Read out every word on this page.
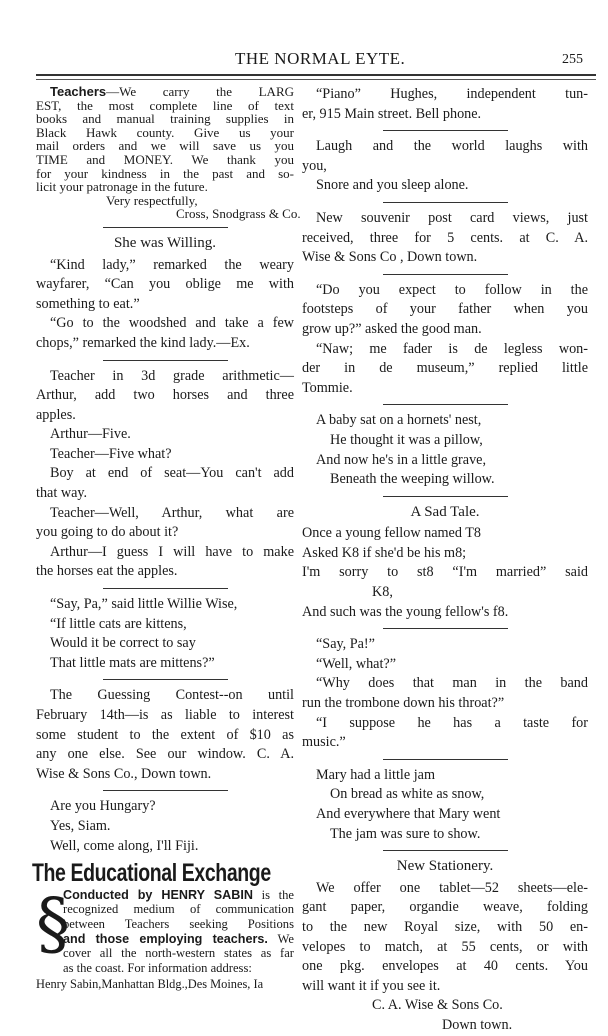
THE NORMAL EYTE.	255
Teachers—We carry the LARG
EST, the most complete line of text
books and manual training supplies in
Black Hawk county. Give us your
mail orders and we will save us you
TIME and MONEY. We thank you
for your kindness in the past and so-
licit your patronage in the future.
Very respectfully,
Cross, Snodgrass & Co.
She was Willing.
“Kind lady,” remarked the weary
wayfarer, “Can you oblige me with
something to eat.”
“Go to the woodshed and take a few
chops,” remarked the kind lady.—Ex.
Teacher in 3d grade arithmetic—
Arthur, add two horses and three
apples.
Arthur—Five.
Teacher—Five what?
Boy at end of seat—You can't add
that way.
Teacher—Well, Arthur, what are
you going to do about it?
Arthur—I guess I will have to make
the horses eat the apples.
“Say, Pa,” said little Willie Wise,
“If little cats are kittens,
Would it be correct to say
That little mats are mittens?”
The Guessing Contest--on until
February 14th—is as liable to interest
some student to the extent of $10 as
any one else. See our window. C. A.
Wise & Sons Co., Down town.
Are you Hungary?
Yes, Siam.
Well, come along, I'll Fiji.
The Educational Exchange
§
Conducted by HENRY SABIN is the
recognized medium of communication
between Teachers seeking Positions
and those employing teachers. We
cover all the north-western states as far
as the coast. For information address:
Henry Sabin,Manhattan Bldg.,Des Moines, Ia
“Piano” Hughes, independent tun-
er, 915 Main street. Bell phone.
Laugh and the world laughs with
you,
Snore and you sleep alone.
New souvenir post card views, just
received, three for 5 cents. at C. A.
Wise & Sons Co , Down town.
“Do you expect to follow in the
footsteps of your father when you
grow up?” asked the good man.
“Naw; me fader is de legless won-
der in de museum,” replied little
Tommie.
A baby sat on a hornets' nest,
He thought it was a pillow,
And now he's in a little grave,
Beneath the weeping willow.
A Sad Tale.
Once a young fellow named T8
Asked K8 if she'd be his m8;
I'm sorry to st8 “I'm married” said
K8,
And such was the young fellow's f8.
“Say, Pa!”
“Well, what?”
“Why does that man in the band
run the trombone down his throat?”
“I suppose he has a taste for
music.”
Mary had a little jam
On bread as white as snow,
And everywhere that Mary went
The jam was sure to show.
New Stationery.
We offer one tablet—52 sheets—ele-
gant paper, organdie weave, folding
to the new Royal size, with 50 en-
velopes to match, at 55 cents, or with
one pkg. envelopes at 40 cents. You
will want it if you see it.
C. A. Wise & Sons Co.
Down town.
